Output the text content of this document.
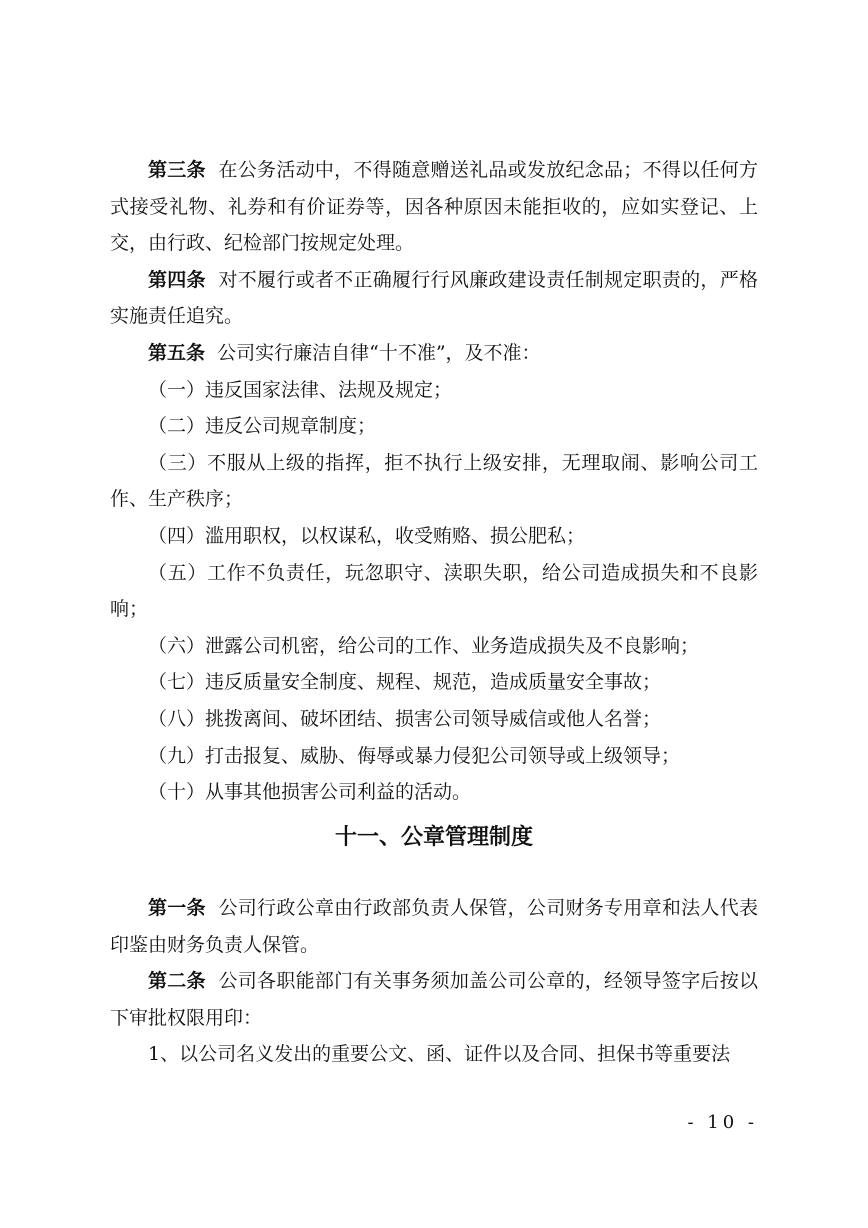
第三条 在公务活动中，不得随意赠送礼品或发放纪念品；不得以任何方式接受礼物、礼券和有价证券等，因各种原因未能拒收的，应如实登记、上交，由行政、纪检部门按规定处理。

第四条 对不履行或者不正确履行行风廉政建设责任制规定职责的，严格实施责任追究。

第五条 公司实行廉洁自律“十不准”，及不准：

（一）违反国家法律、法规及规定；

（二）违反公司规章制度；

（三）不服从上级的指挥，拒不执行上级安排，无理取闹、影响公司工作、生产秩序；

（四）滥用职权，以权谋私，收受贿赂、损公肥私；

（五）工作不负责任，玩忽职守、渎职失职，给公司造成损失和不良影响；

（六）泄露公司机密，给公司的工作、业务造成损失及不良影响；

（七）违反质量安全制度、规程、规范，造成质量安全事故；

（八）挑拨离间、破坏团结、损害公司领导威信或他人名誉；

（九）打击报复、威胁、侮辱或暴力侵犯公司领导或上级领导；

（十）从事其他损害公司利益的活动。

十一、公章管理制度

第一条 公司行政公章由行政部负责人保管，公司财务专用章和法人代表印鉴由财务负责人保管。

第二条 公司各职能部门有关事务须加盖公司公章的，经领导签字后按以下审批权限用印：

1、以公司名义发出的重要公文、函、证件以及合同、担保书等重要法

- 10 -
